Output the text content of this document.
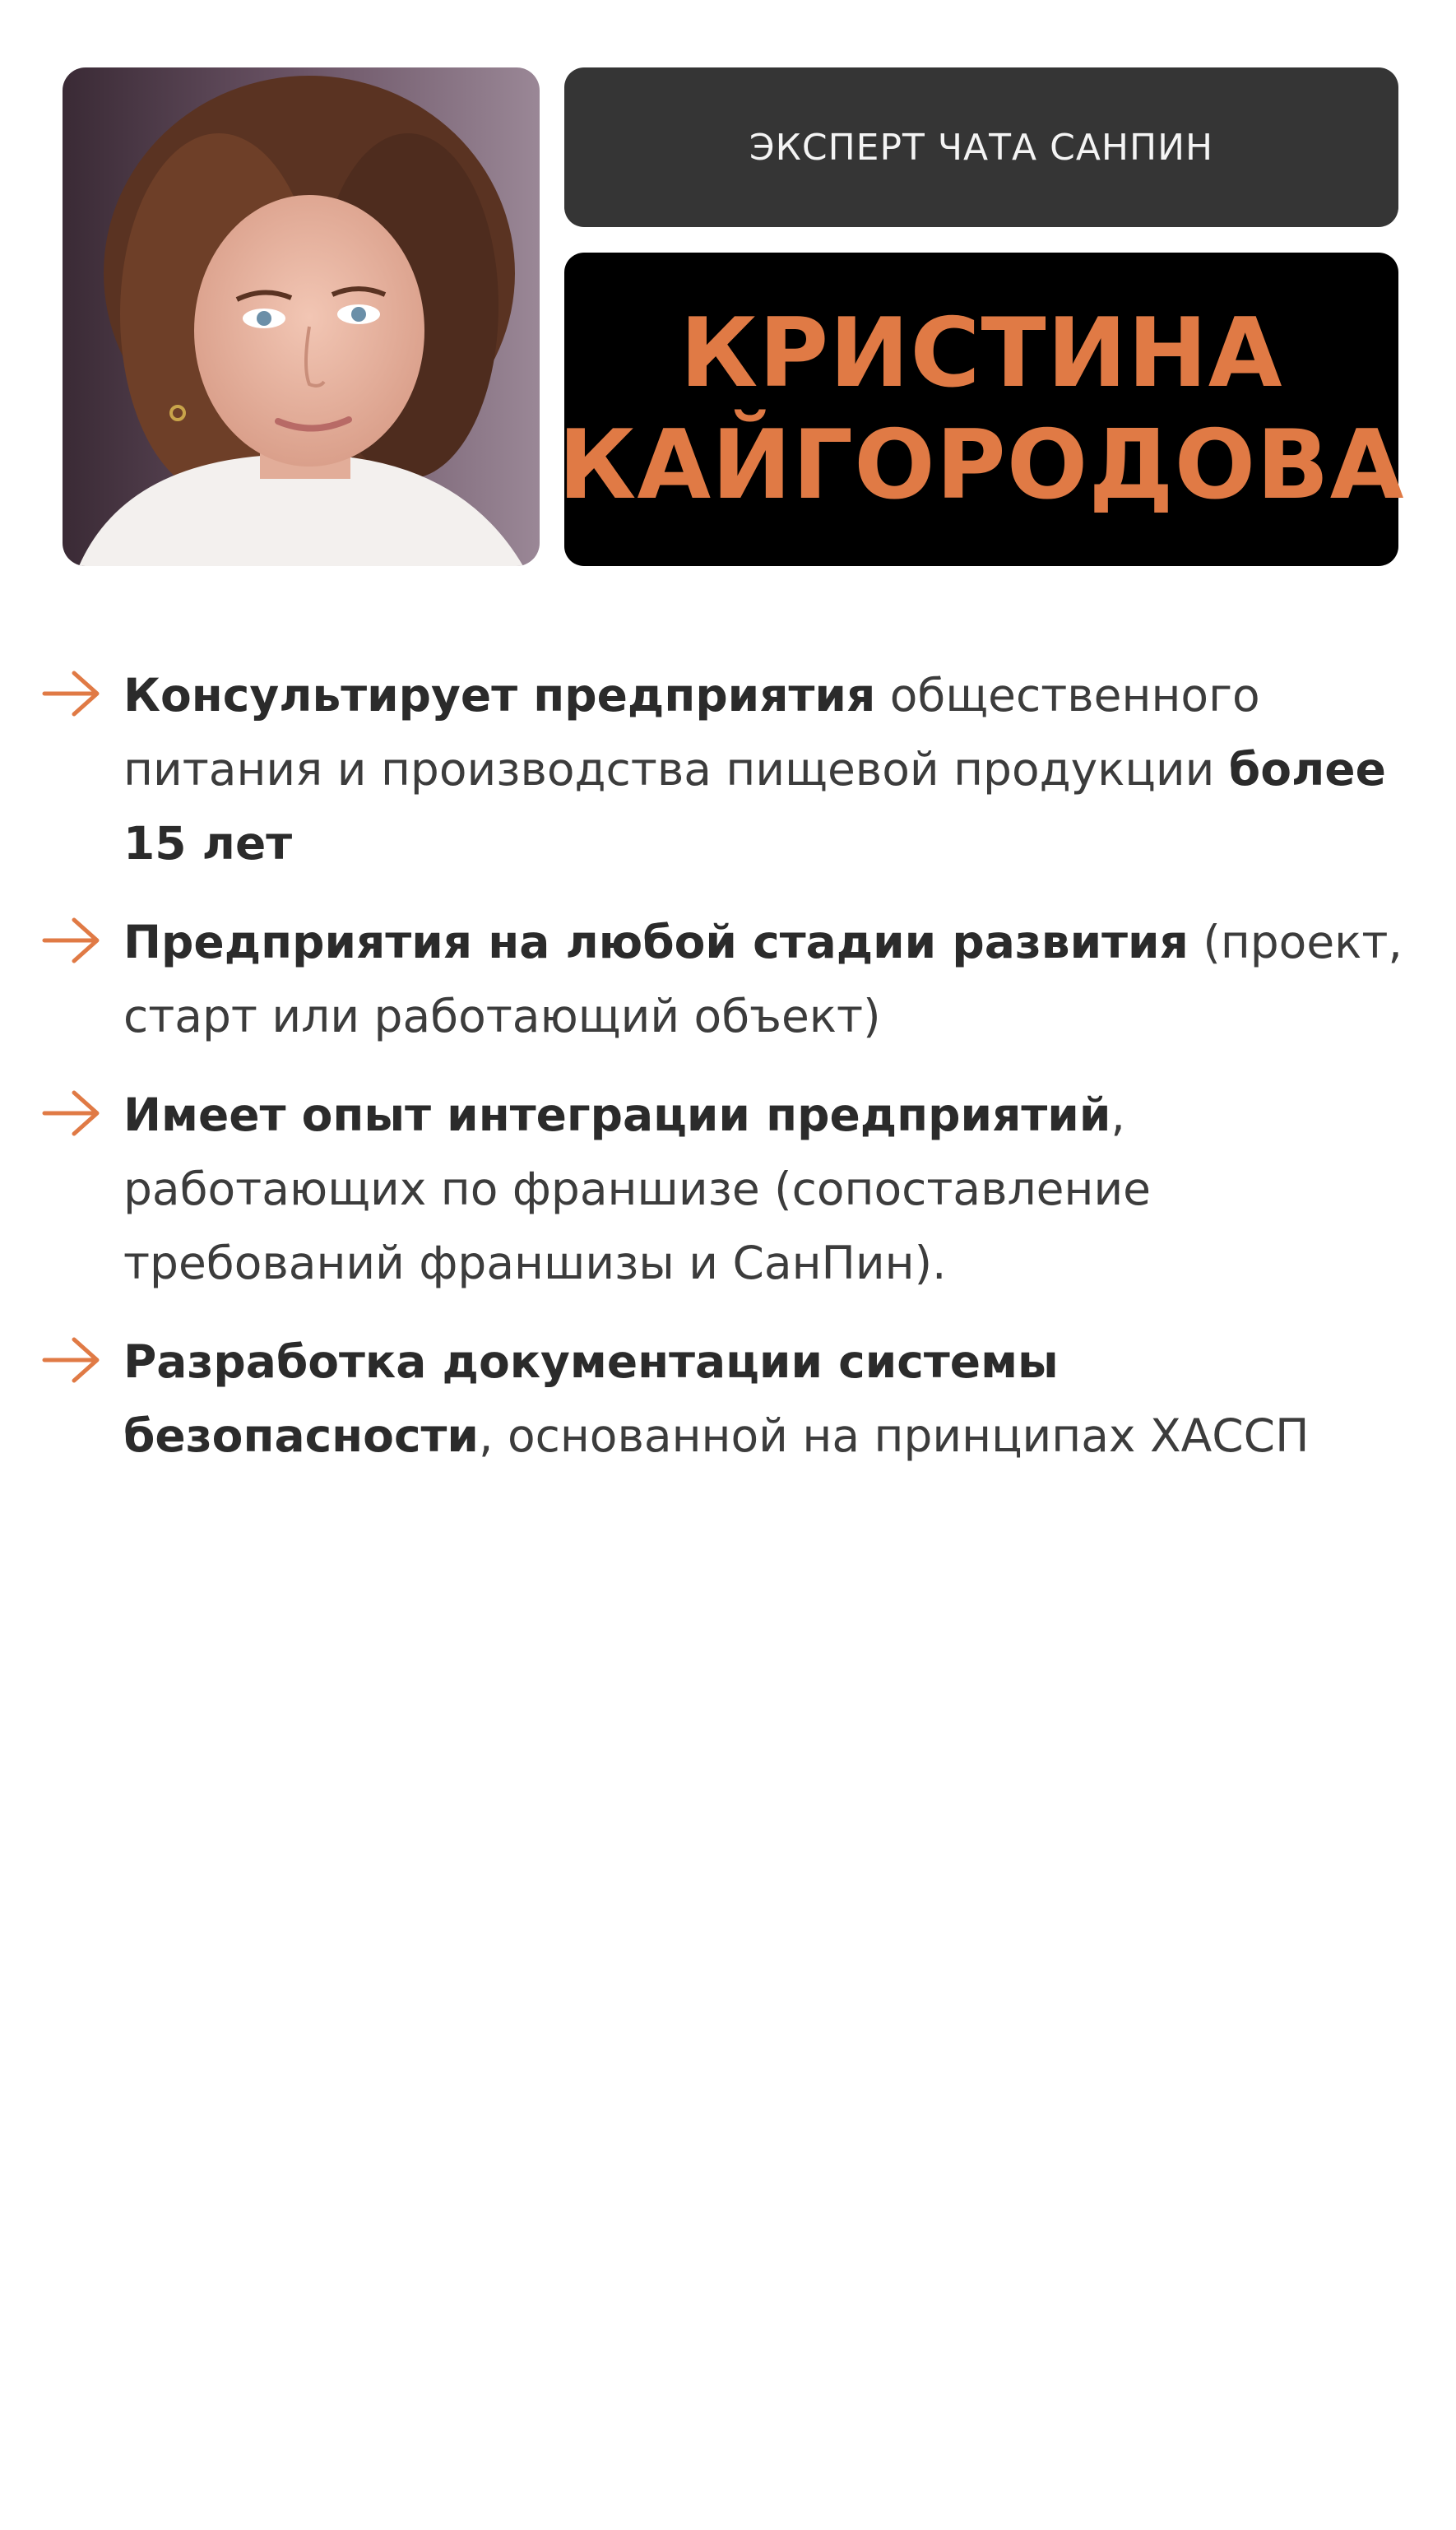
ЭКСПЕРТ ЧАТА САНПИН
КРИСТИНА
КАЙГОРОДОВА
Консультирует предприятия общественного питания и производства пищевой продукции более 15 лет
Предприятия на любой стадии развития (проект, старт или работающий объект)
Имеет опыт интеграции предприятий, работающих по франшизе (сопоставление требований франшизы и СанПин).
Разработка документации системы безопасности, основанной на принципах ХАССП
